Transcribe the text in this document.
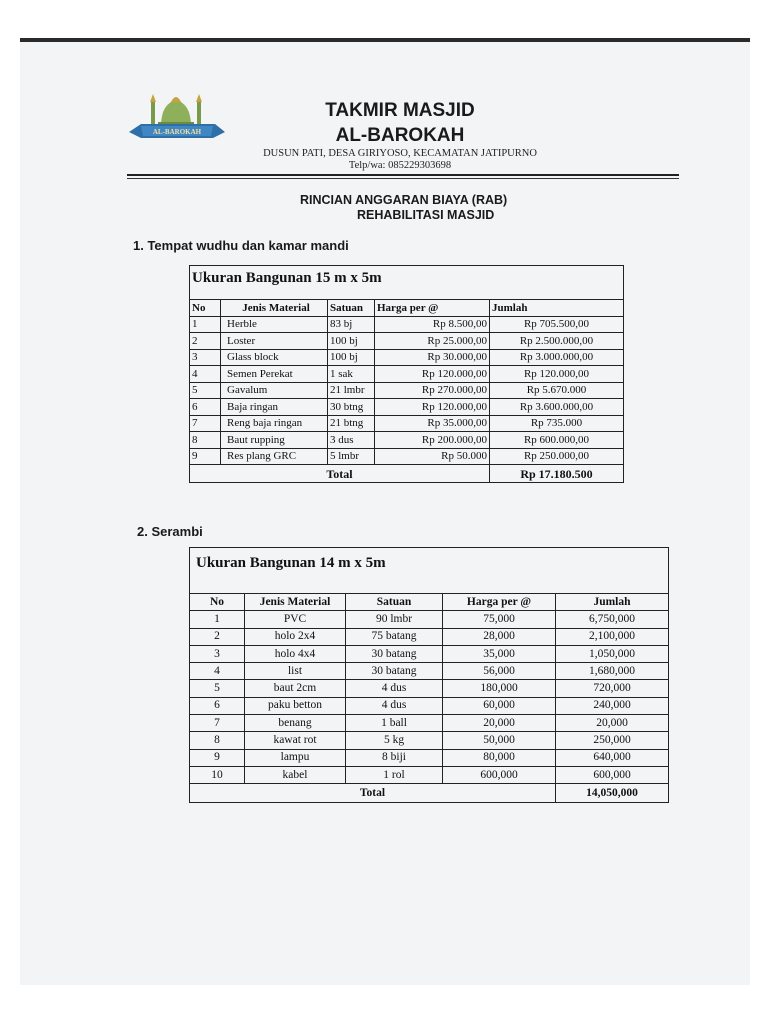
AL-BAROKAH
TAKMIR MASJID
AL-BAROKAH
DUSUN PATI, DESA GIRIYOSO, KECAMATAN JATIPURNO
Telp/wa: 085229303698
RINCIAN ANGGARAN BIAYA (RAB)
REHABILITASI MASJID
1. Tempat wudhu dan kamar mandi
Ukuran Bangunan 15 m x 5m
No	Jenis Material	Satuan	Harga per @	Jumlah
1	Herble	83 bj	Rp 8.500,00	Rp 705.500,00
2	Loster	100 bj	Rp 25.000,00	Rp 2.500.000,00
3	Glass block	100 bj	Rp 30.000,00	Rp 3.000.000,00
4	Semen Perekat	1 sak	Rp 120.000,00	Rp 120.000,00
5	Gavalum	21 lmbr	Rp 270.000,00	Rp 5.670.000
6	Baja ringan	30 btng	Rp 120.000,00	Rp 3.600.000,00
7	Reng baja ringan	21 btng	Rp 35.000,00	Rp 735.000
8	Baut rupping	3 dus	Rp 200.000,00	Rp 600.000,00
9	Res plang GRC	5 lmbr	Rp 50.000	Rp 250.000,00
Total				Rp 17.180.500
2. Serambi
Ukuran Bangunan 14 m x 5m
No	Jenis Material	Satuan	Harga per @	Jumlah
1	PVC	90 lmbr	75,000	6,750,000
2	holo 2x4	75 batang	28,000	2,100,000
3	holo 4x4	30 batang	35,000	1,050,000
4	list	30 batang	56,000	1,680,000
5	baut 2cm	4 dus	180,000	720,000
6	paku betton	4 dus	60,000	240,000
7	benang	1 ball	20,000	20,000
8	kawat rot	5 kg	50,000	250,000
9	lampu	8 biji	80,000	640,000
10	kabel	1 rol	600,000	600,000
Total				14,050,000
